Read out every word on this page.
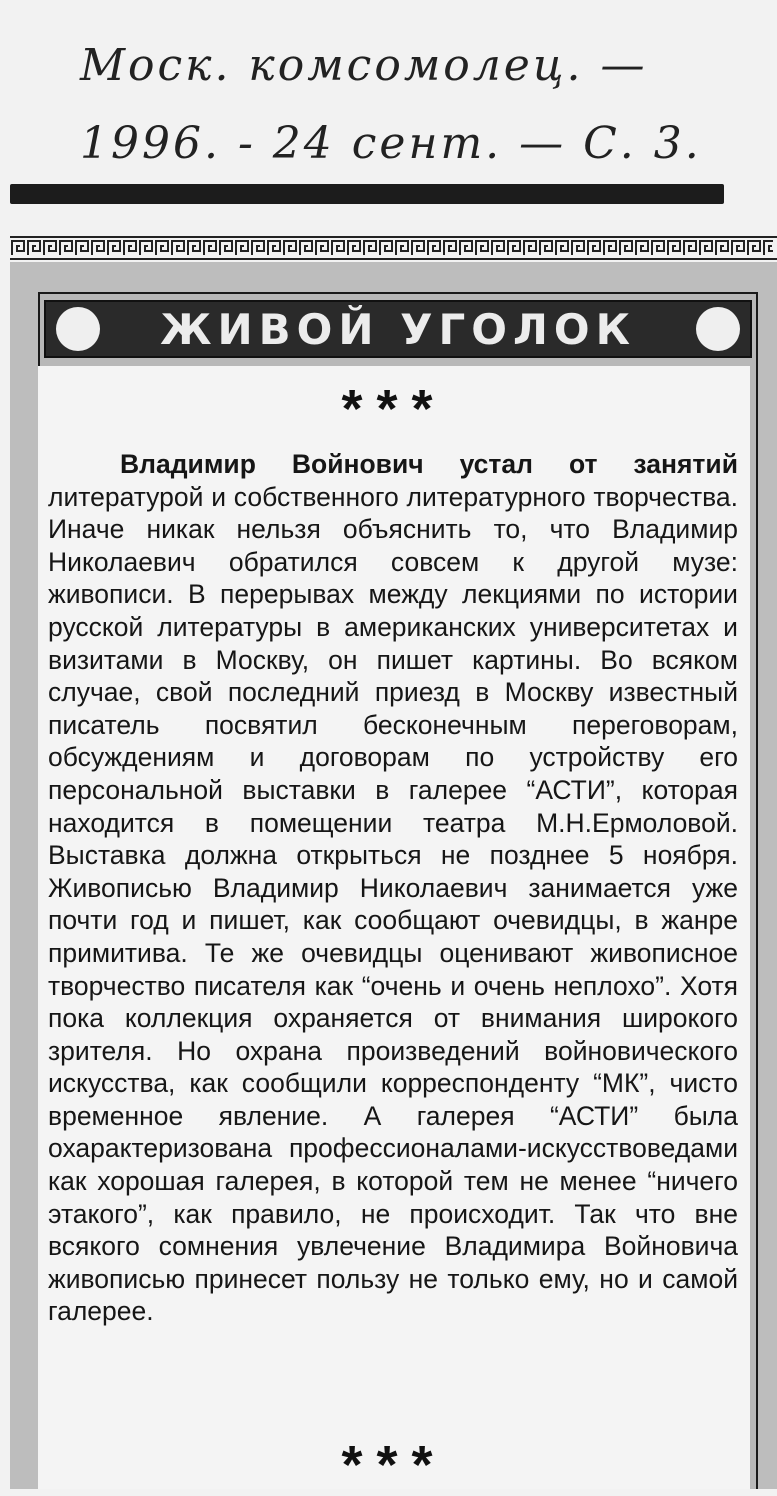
Моск. комсомолец. —
1996. - 24 сент. — С. 3.
ЖИВОЙ УГОЛОК
***
Владимир Войнович устал от занятий литературой и собственного литературного творчества. Иначе никак нельзя объяснить то, что Владимир Николаевич обратился совсем к другой музе: живописи. В перерывах между лекциями по истории русской литературы в американских университетах и визитами в Москву, он пишет картины. Во всяком случае, свой последний приезд в Москву известный писатель посвятил бесконечным переговорам, обсуждениям и договорам по устройству его персональной выставки в галерее “АСТИ”, которая находится в помещении театра М.Н.Ермоловой. Выставка должна открыться не позднее 5 ноября. Живописью Владимир Николаевич занимается уже почти год и пишет, как сообщают очевидцы, в жанре примитива. Те же очевидцы оценивают живописное творчество писателя как “очень и очень неплохо”. Хотя пока коллекция охраняется от внимания широкого зрителя. Но охрана произведений войновического искусства, как сообщили корреспонденту “МК”, чисто временное явление. А галерея “АСТИ” была охарактеризована профессионалами-искусствоведами как хорошая галерея, в которой тем не менее “ничего этакого”, как правило, не происходит. Так что вне всякого сомнения увлечение Владимира Войновича живописью принесет пользу не только ему, но и самой галерее.
***
